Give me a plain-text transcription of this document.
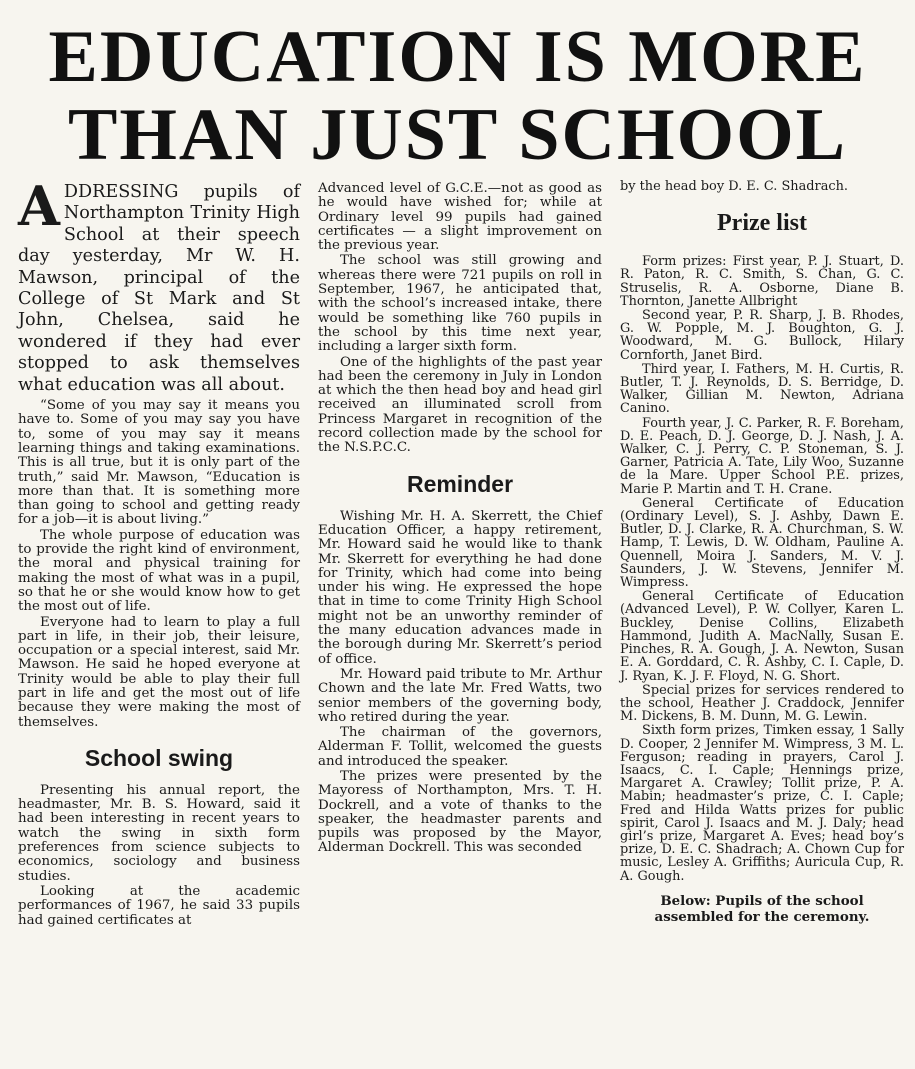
EDUCATION IS MORE
THAN JUST SCHOOL

ADDRESSING pupils of Northampton Trinity High School at their speech day yesterday, Mr W. H. Mawson, principal of the College of St Mark and St John, Chelsea, said he wondered if they had ever stopped to ask themselves what education was all about.

“Some of you may say it means you have to. Some of you may say you have to, some of you may say it means learning things and taking examinations. This is all true, but it is only part of the truth,” said Mr. Mawson, “Education is more than that. It is something more than going to school and getting ready for a job—it is about living.”

The whole purpose of education was to provide the right kind of environment, the moral and physical training for making the most of what was in a pupil, so that he or she would know how to get the most out of life.

Everyone had to learn to play a full part in life, in their job, their leisure, occupation or a special interest, said Mr. Mawson. He said he hoped everyone at Trinity would be able to play their full part in life and get the most out of life because they were making the most of themselves.

School swing

Presenting his annual report, the headmaster, Mr. B. S. Howard, said it had been interesting in recent years to watch the swing in sixth form preferences from science subjects to economics, sociology and business studies.

Looking at the academic performances of 1967, he said 33 pupils had gained certificates at

Advanced level of G.C.E.—not as good as he would have wished for; while at Ordinary level 99 pupils had gained certificates — a slight improvement on the previous year.

The school was still growing and whereas there were 721 pupils on roll in September, 1967, he anticipated that, with the school’s increased intake, there would be something like 760 pupils in the school by this time next year, including a larger sixth form.

One of the highlights of the past year had been the ceremony in July in London at which the then head boy and head girl received an illuminated scroll from Princess Margaret in recognition of the record collection made by the school for the N.S.P.C.C.

Reminder

Wishing Mr. H. A. Skerrett, the Chief Education Officer, a happy retirement, Mr. Howard said he would like to thank Mr. Skerrett for everything he had done for Trinity, which had come into being under his wing. He expressed the hope that in time to come Trinity High School might not be an unworthy reminder of the many education advances made in the borough during Mr. Skerrett’s period of office.

Mr. Howard paid tribute to Mr. Arthur Chown and the late Mr. Fred Watts, two senior members of the governing body, who retired during the year.

The chairman of the governors, Alderman F. Tollit, welcomed the guests and introduced the speaker.

The prizes were presented by the Mayoress of Northampton, Mrs. T. H. Dockrell, and a vote of thanks to the speaker, the headmaster parents and pupils was proposed by the Mayor, Alderman Dockrell. This was seconded

by the head boy D. E. C. Shadrach.

Prize list

Form prizes: First year, P. J. Stuart, D. R. Paton, R. C. Smith, S. Chan, G. C. Struselis, R. A. Osborne, Diane B. Thornton, Janette Allbright

Second year, P. R. Sharp, J. B. Rhodes, G. W. Popple, M. J. Boughton, G. J. Woodward, M. G. Bullock, Hilary Cornforth, Janet Bird.

Third year, I. Fathers, M. H. Curtis, R. Butler, T. J. Reynolds, D. S. Berridge, D. Walker, Gillian M. Newton, Adriana Canino.

Fourth year, J. C. Parker, R. F. Boreham, D. E. Peach, D. J. George, D. J. Nash, J. A. Walker, C. J. Perry, C. P. Stoneman, S. J. Garner, Patricia A. Tate, Lily Woo, Suzanne de la Mare. Upper School P.E. prizes, Marie P. Martin and T. H. Crane.

General Certificate of Education (Ordinary Level), S. J. Ashby, Dawn E. Butler, D. J. Clarke, R. A. Churchman, S. W. Hamp, T. Lewis, D. W. Oldham, Pauline A. Quennell, Moira J. Sanders, M. V. J. Saunders, J. W. Stevens, Jennifer M. Wimpress.

General Certificate of Education (Advanced Level), P. W. Collyer, Karen L. Buckley, Denise Collins, Elizabeth Hammond, Judith A. MacNally, Susan E. Pinches, R. A. Gough, J. A. Newton, Susan E. A. Gorddard, C. R. Ashby, C. I. Caple, D. J. Ryan, K. J. F. Floyd, N. G. Short.

Special prizes for services rendered to the school, Heather J. Craddock, Jennifer M. Dickens, B. M. Dunn, M. G. Lewin.

Sixth form prizes, Timken essay, 1 Sally D. Cooper, 2 Jennifer M. Wimpress, 3 M. L. Ferguson; reading in prayers, Carol J. Isaacs, C. I. Caple; Hennings prize, Margaret A. Crawley; Tollit prize, P. A. Mabin; headmaster’s prize, C. I. Caple; Fred and Hilda Watts prizes for public spirit, Carol J. Isaacs and M. J. Daly; head girl’s prize, Margaret A. Eves; head boy’s prize, D. E. C. Shadrach; A. Chown Cup for music, Lesley A. Griffiths; Auricula Cup, R. A. Gough.

Below: Pupils of the school assembled for the ceremony.
